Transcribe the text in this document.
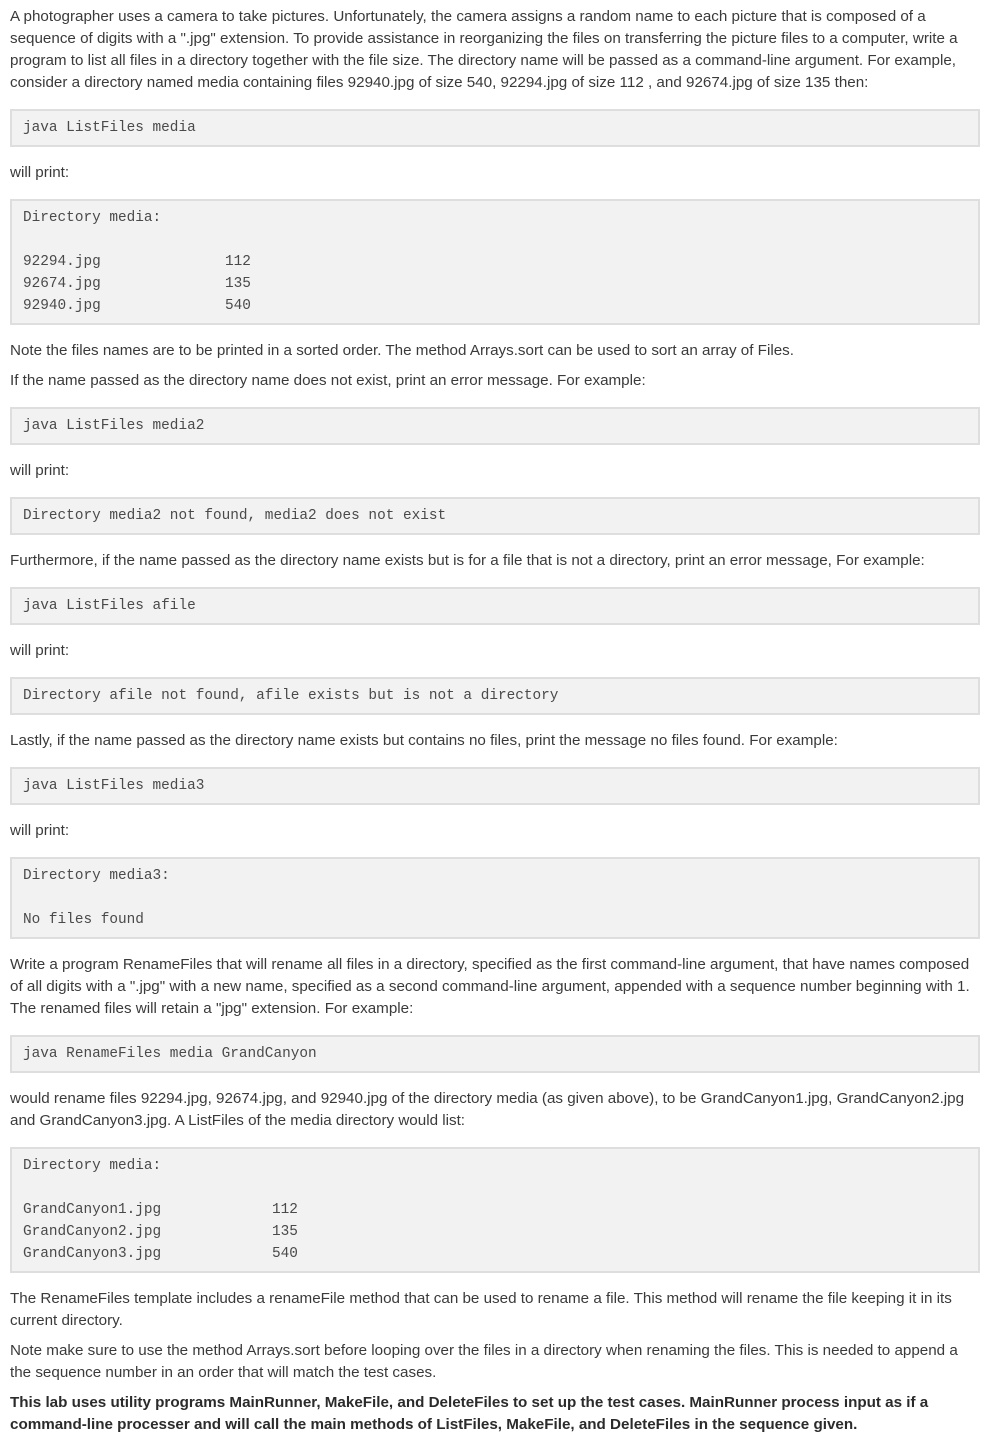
A photographer uses a camera to take pictures. Unfortunately, the camera assigns a random name to each picture that is composed of a sequence of digits with a ".jpg" extension. To provide assistance in reorganizing the files on transferring the picture files to a computer, write a program to list all files in a directory together with the file size. The directory name will be passed as a command-line argument. For example, consider a directory named media containing files 92940.jpg of size 540, 92294.jpg of size 112 , and 92674.jpg of size 135 then:

java ListFiles media

will print:

Directory media:
92294.jpg	112
92674.jpg	135
92940.jpg	540

Note the files names are to be printed in a sorted order. The method Arrays.sort can be used to sort an array of Files.

If the name passed as the directory name does not exist, print an error message. For example:

java ListFiles media2

will print:

Directory media2 not found, media2 does not exist

Furthermore, if the name passed as the directory name exists but is for a file that is not a directory, print an error message, For example:

java ListFiles afile

will print:

Directory afile not found, afile exists but is not a directory

Lastly, if the name passed as the directory name exists but contains no files, print the message no files found. For example:

java ListFiles media3

will print:

Directory media3:
No files found

Write a program RenameFiles that will rename all files in a directory, specified as the first command-line argument, that have names composed of all digits with a ".jpg" with a new name, specified as a second command-line argument, appended with a sequence number beginning with 1. The renamed files will retain a "jpg" extension. For example:

java RenameFiles media GrandCanyon

would rename files 92294.jpg, 92674.jpg, and 92940.jpg of the directory media (as given above), to be GrandCanyon1.jpg, GrandCanyon2.jpg and GrandCanyon3.jpg. A ListFiles of the media directory would list:

Directory media:
GrandCanyon1.jpg	112
GrandCanyon2.jpg	135
GrandCanyon3.jpg	540

The RenameFiles template includes a renameFile method that can be used to rename a file. This method will rename the file keeping it in its current directory.

Note make sure to use the method Arrays.sort before looping over the files in a directory when renaming the files. This is needed to append a the sequence number in an order that will match the test cases.

This lab uses utility programs MainRunner, MakeFile, and DeleteFiles to set up the test cases. MainRunner process input as if a command-line processer and will call the main methods of ListFiles, MakeFile, and DeleteFiles in the sequence given.
